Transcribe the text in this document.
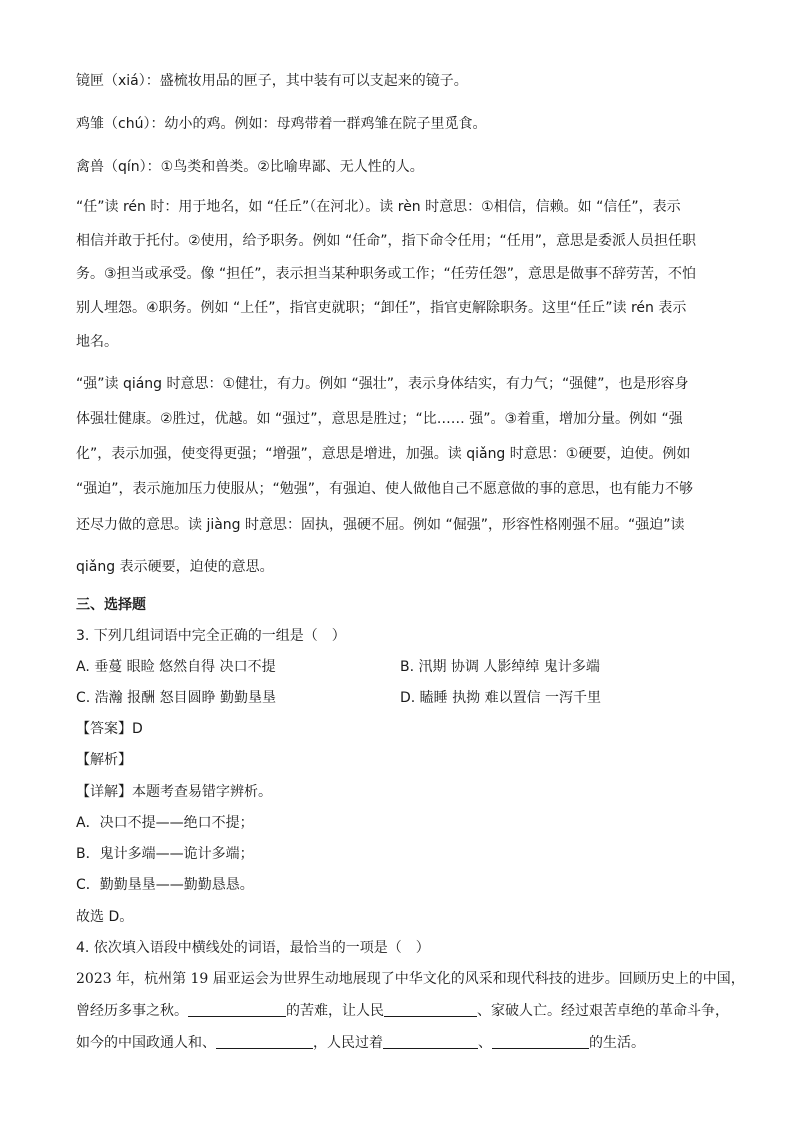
镜匣（xiá）：盛梳妆用品的匣子，其中装有可以支起来的镜子。
鸡雏（chú）：幼小的鸡。例如：母鸡带着一群鸡雏在院子里觅食。
禽兽（qín）：①鸟类和兽类。②比喻卑鄙、无人性的人。
“任”读 rén 时：用于地名，如 “任丘”（在河北）。读 rèn 时意思：①相信，信赖。如 “信任”，表示
相信并敢于托付。②使用，给予职务。例如 “任命”，指下命令任用；“任用”，意思是委派人员担任职
务。③担当或承受。像 “担任”，表示担当某种职务或工作；“任劳任怨”，意思是做事不辞劳苦，不怕
别人埋怨。④职务。例如 “上任”，指官吏就职；“卸任”，指官吏解除职务。这里“任丘”读 rén 表示
地名。
“强”读 qiáng 时意思：①健壮，有力。例如 “强壮”，表示身体结实，有力气；“强健”，也是形容身
体强壮健康。②胜过，优越。如 “强过”，意思是胜过；“比…… 强”。③着重，增加分量。例如 “强
化”，表示加强，使变得更强；“增强”，意思是增进，加强。读 qiǎng 时意思：①硬要，迫使。例如
“强迫”，表示施加压力使服从；“勉强”，有强迫、使人做他自己不愿意做的事的意思，也有能力不够
还尽力做的意思。读 jiàng 时意思：固执，强硬不屈。例如 “倔强”，形容性格刚强不屈。“强迫”读
qiǎng 表示硬要，迫使的意思。
三、选择题
3. 下列几组词语中完全正确的一组是（　）
A. 垂蔓 眼睑 悠然自得 决口不提	B. 汛期 协调 人影绰绰 鬼计多端
C. 浩瀚 报酬 怒目圆睁 勤勤垦垦	D. 瞌睡 执拗 难以置信 一泻千里
【答案】D
【解析】
【详解】本题考查易错字辨析。
A．决口不提——绝口不提；
B．鬼计多端——诡计多端；
C．勤勤垦垦——勤勤恳恳。
故选 D。
4. 依次填入语段中横线处的词语，最恰当的一项是（　）
2023 年，杭州第 19 届亚运会为世界生动地展现了中华文化的风采和现代科技的进步。回顾历史上的中国，
曾经历多事之秋。	的苦难，让人民	、家破人亡。经过艰苦卓绝的革命斗争，
如今的中国政通人和、	，人民过着	、	的生活。
